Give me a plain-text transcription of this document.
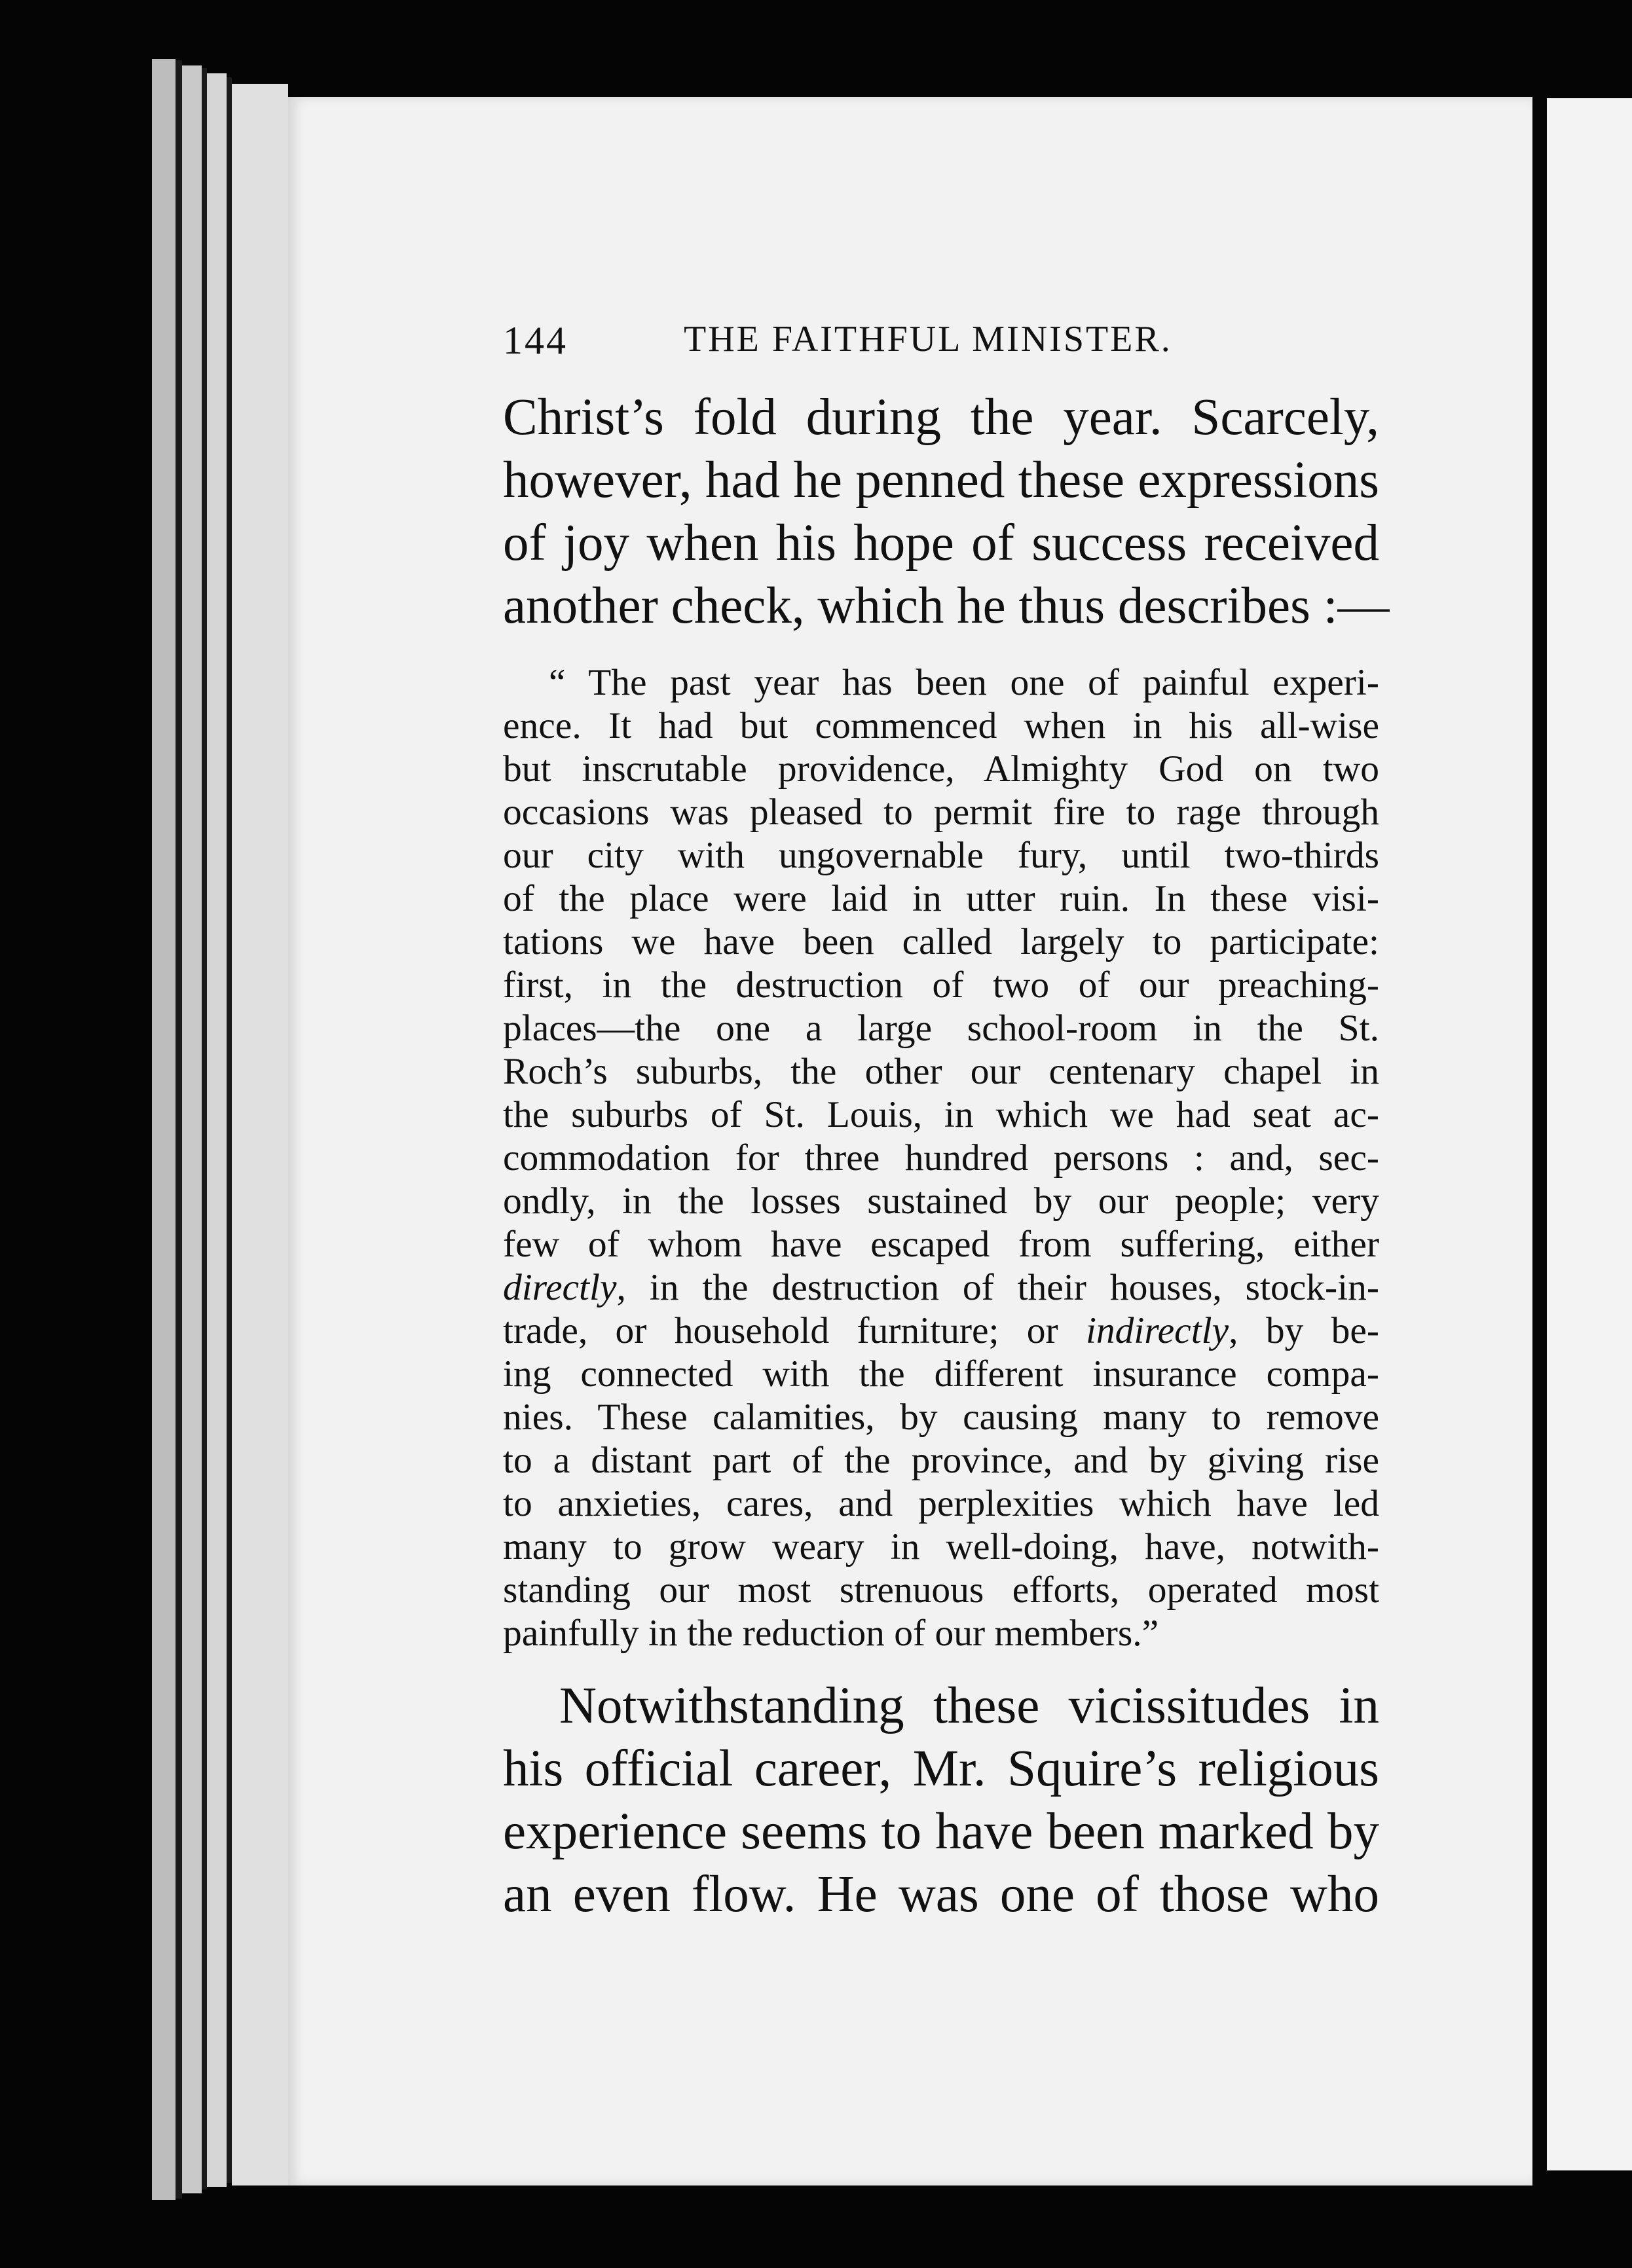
144	THE FAITHFUL MINISTER.
Christ’s fold during the year. Scarcely,
however, had he penned these expressions
of joy when his hope of success received
another check, which he thus describes :—
“ The past year has been one of painful experi-
ence. It had but commenced when in his all-wise
but inscrutable providence, Almighty God on two
occasions was pleased to permit fire to rage through
our city with ungovernable fury, until two-thirds
of the place were laid in utter ruin. In these visi-
tations we have been called largely to participate:
first, in the destruction of two of our preaching-
places—the one a large school-room in the St.
Roch’s suburbs, the other our centenary chapel in
the suburbs of St. Louis, in which we had seat ac-
commodation for three hundred persons : and, sec-
ondly, in the losses sustained by our people; very
few of whom have escaped from suffering, either
directly, in the destruction of their houses, stock-in-
trade, or household furniture; or indirectly, by be-
ing connected with the different insurance compa-
nies. These calamities, by causing many to remove
to a distant part of the province, and by giving rise
to anxieties, cares, and perplexities which have led
many to grow weary in well-doing, have, notwith-
standing our most strenuous efforts, operated most
painfully in the reduction of our members.”
Notwithstanding these vicissitudes in
his official career, Mr. Squire’s religious
experience seems to have been marked by
an even flow. He was one of those who
